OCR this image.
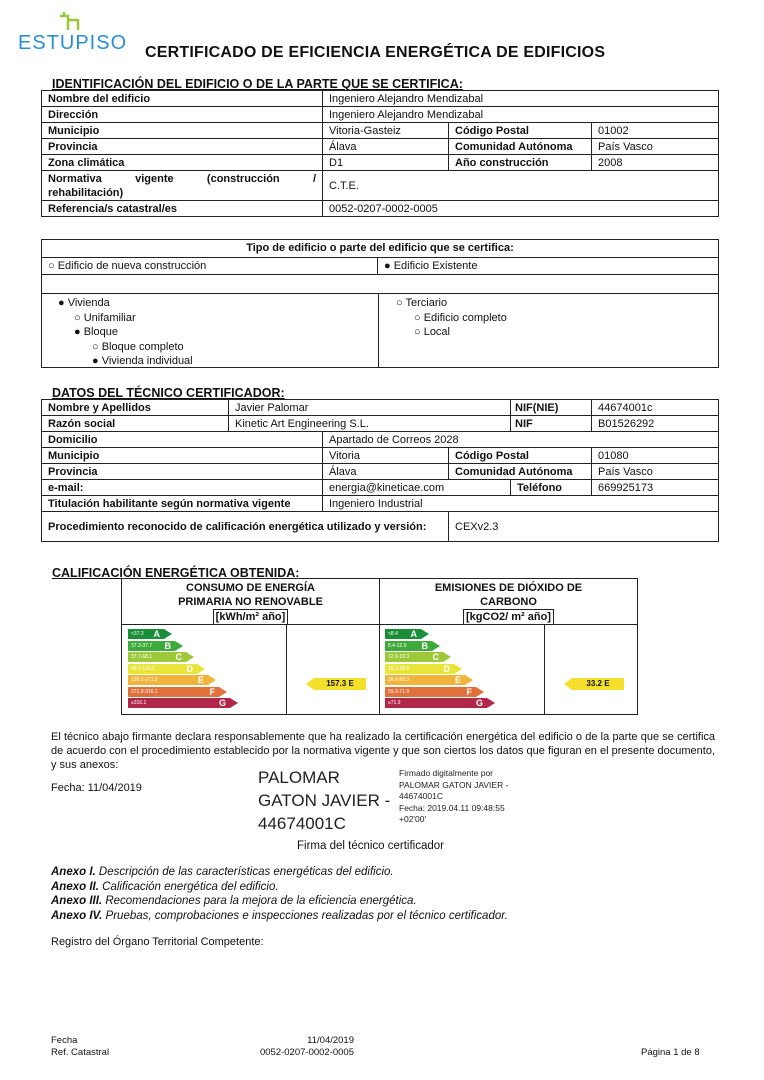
ESTUPISO CERTIFICADO DE EFICIENCIA ENERGÉTICA DE EDIFICIOS
IDENTIFICACIÓN DEL EDIFICIO O DE LA PARTE QUE SE CERTIFICA:
Nombre del edificio	Ingeniero Alejandro Mendizabal		
Dirección	Ingeniero Alejandro Mendizabal		
Municipio	Vitoria-Gasteiz	Código Postal	01002
Provincia	Álava	Comunidad Autónoma	País Vasco
Zona climática	D1	Año construcción	2008

Normativa vigente (construcción /
rehabilitación)	C.T.E.		
Referencia/s catastral/es	0052-0207-0002-0005		
Tipo de edificio o parte del edificio que se certifica:
○ Edificio de nueva construcción	● Edificio Existente
● Vivienda
○ Unifamiliar
● Bloque
○ Bloque completo
● Vivienda individual
○ Terciario
○ Edificio completo
○ Local
DATOS DEL TÉCNICO CERTIFICADOR:
Nombre y Apellidos	Javier Palomar			NIF(NIE)	44674001c
Razón social	Kinetic Art Engineering S.L.			NIF	B01526292
Domicilio		Apartado de Correos 2028			
Municipio		Vitoria	Código Postal		01080
Provincia		Álava	Comunidad Autónoma		País Vasco
e-mail:		energia@kineticae.com		Teléfono	669925173
Titulación habilitante según normativa vigente		Ingeniero Industrial			
Procedimiento reconocido de calificación energética utilizado y versión:			CEXv2.3		
CALIFICACIÓN ENERGÉTICA OBTENIDA:
CONSUMO DE ENERGÍA
PRIMARIA NO RENOVABLE
[kWh/m² año]
EMISIONES DE DIÓXIDO DE
CARBONO
[kgCO2/ m² año]
<37.3 A
37.3-37.7 B
37.7-68.1	C
68.1-128.2	D
128.2-271.9	E
271.9-316.1	F
≥316.1	G
<8.4 A
8.4-12.9 B
12.9-19.3	C
19.3-28.6	D
28.6-59.3	E
59.3-71.9	F
≥71.9	G
157.3 E	33.2 E
El técnico abajo firmante declara responsablemente que ha realizado la certificación energética del edificio o de la parte que se certifica de acuerdo con el procedimiento establecido por la normativa vigente y que son ciertos los datos que figuran en el presente documento, y sus anexos:
Fecha: 11/04/2019
PALOMAR
GATON JAVIER -
44674001C
Firmado digitalmente por
PALOMAR GATON JAVIER -
44674001C
Fecha: 2019.04.11 09:48:55
+02'00'
Firma del técnico certificador
Anexo I. Descripción de las características energéticas del edificio.
Anexo II. Calificación energética del edificio.
Anexo III. Recomendaciones para la mejora de la eficiencia energética.
Anexo IV. Pruebas, comprobaciones e inspecciones realizadas por el técnico certificador.
Registro del Órgano Territorial Competente:
Fecha
Ref. Catastral
11/04/2019
0052-0207-0002-0005	Página 1 de 8
